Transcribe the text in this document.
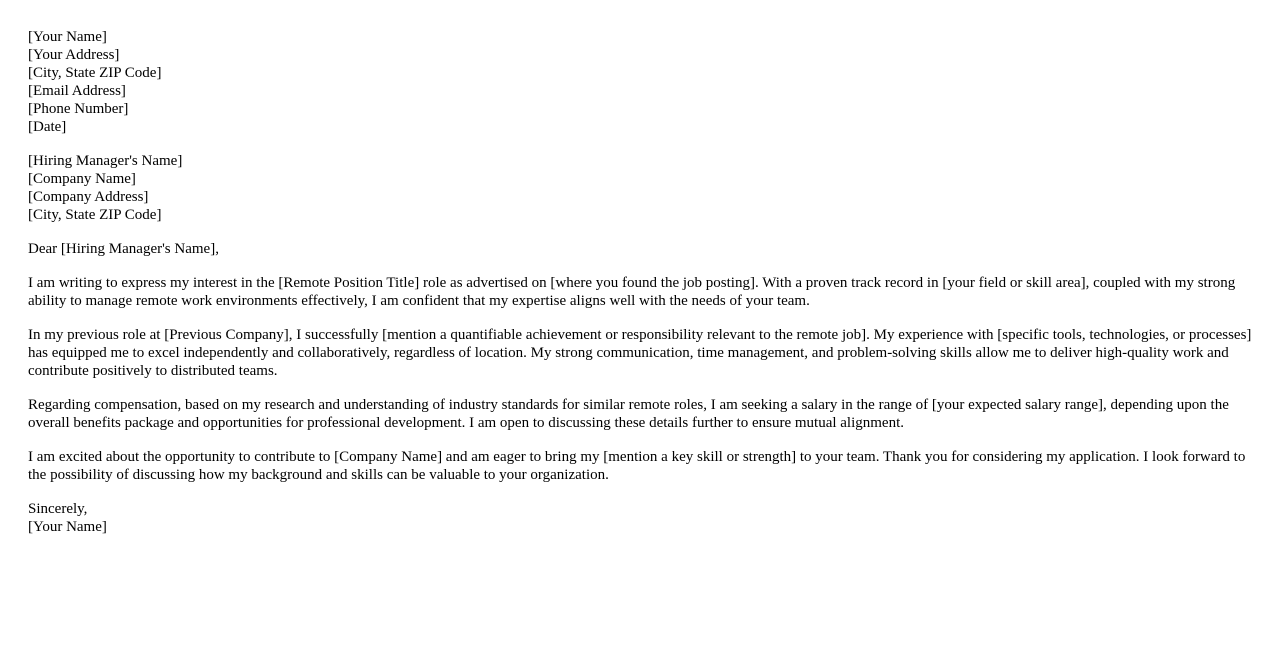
[Your Name]
[Your Address]
[City, State ZIP Code]
[Email Address]
[Phone Number]
[Date]
[Hiring Manager's Name]
[Company Name]
[Company Address]
[City, State ZIP Code]

Dear [Hiring Manager's Name],

I am writing to express my interest in the [Remote Position Title] role as advertised on [where you found the job posting]. With a proven track record in [your field or skill area], coupled with my strong ability to manage remote work environments effectively, I am confident that my expertise aligns well with the needs of your team.

In my previous role at [Previous Company], I successfully [mention a quantifiable achievement or responsibility relevant to the remote job]. My experience with [specific tools, technologies, or processes] has equipped me to excel independently and collaboratively, regardless of location. My strong communication, time management, and problem-solving skills allow me to deliver high-quality work and contribute positively to distributed teams.

Regarding compensation, based on my research and understanding of industry standards for similar remote roles, I am seeking a salary in the range of [your expected salary range], depending upon the overall benefits package and opportunities for professional development. I am open to discussing these details further to ensure mutual alignment.

I am excited about the opportunity to contribute to [Company Name] and am eager to bring my [mention a key skill or strength] to your team. Thank you for considering my application. I look forward to the possibility of discussing how my background and skills can be valuable to your organization.

Sincerely,
[Your Name]
